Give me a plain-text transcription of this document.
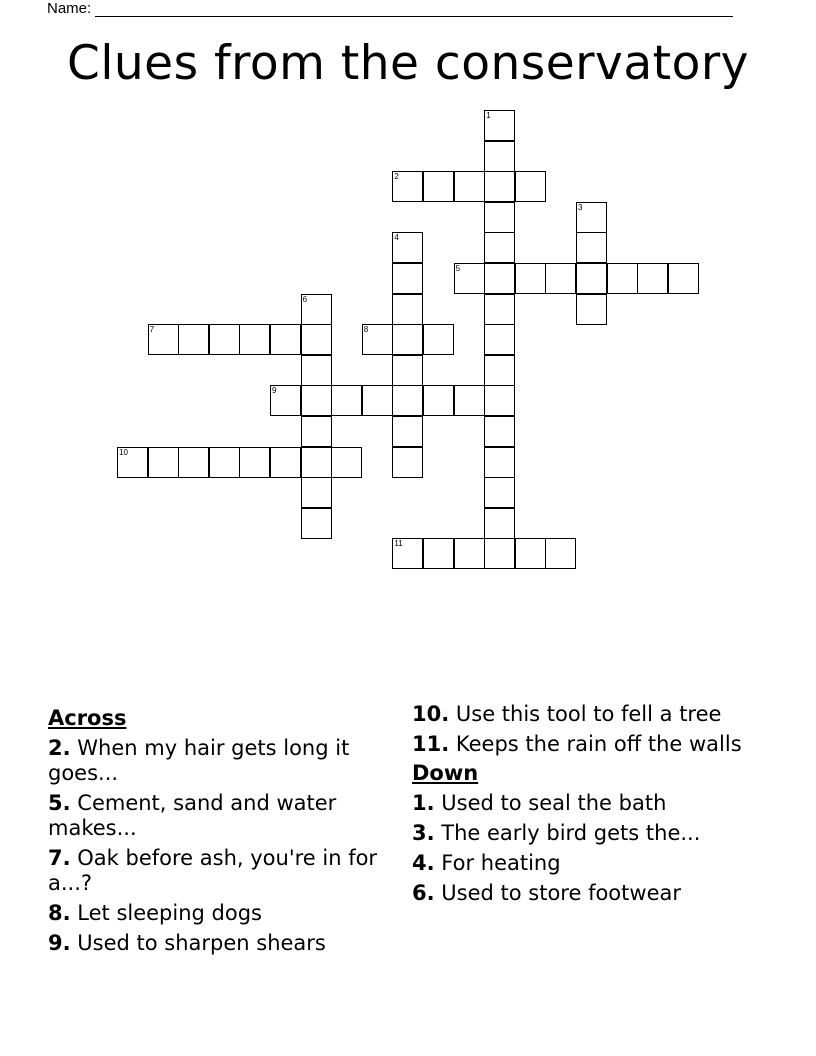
Name:
Clues from the conservatory
1
2
3
4
5
6
7	8
9
10
11
Across
2. When my hair gets long it goes...
5. Cement, sand and water makes...
7. Oak before ash, you're in for a...?
8. Let sleeping dogs
9. Used to sharpen shears
10. Use this tool to fell a tree
11. Keeps the rain off the walls
Down
1. Used to seal the bath
3. The early bird gets the...
4. For heating
6. Used to store footwear
